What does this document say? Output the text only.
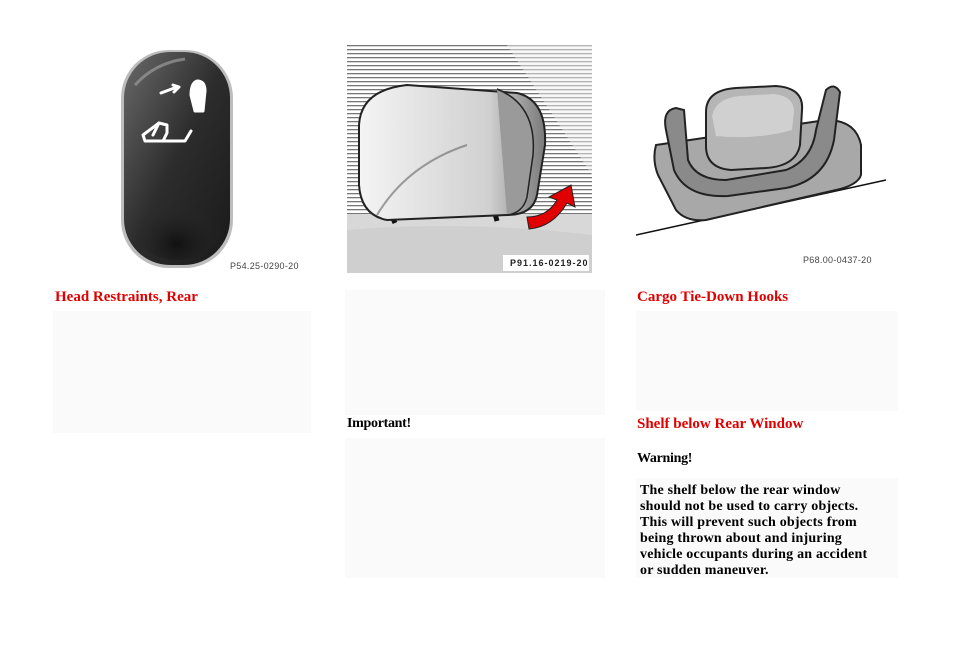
P54.25-0290-20	P91.16-0219-20	P68.00-0437-20
Head Restraints, Rear
Important!
Cargo Tie-Down Hooks
Shelf below Rear Window
Warning!
The shelf below the rear window
should not be used to carry objects.
This will prevent such objects from
being thrown about and injuring
vehicle occupants during an accident
or sudden maneuver.
